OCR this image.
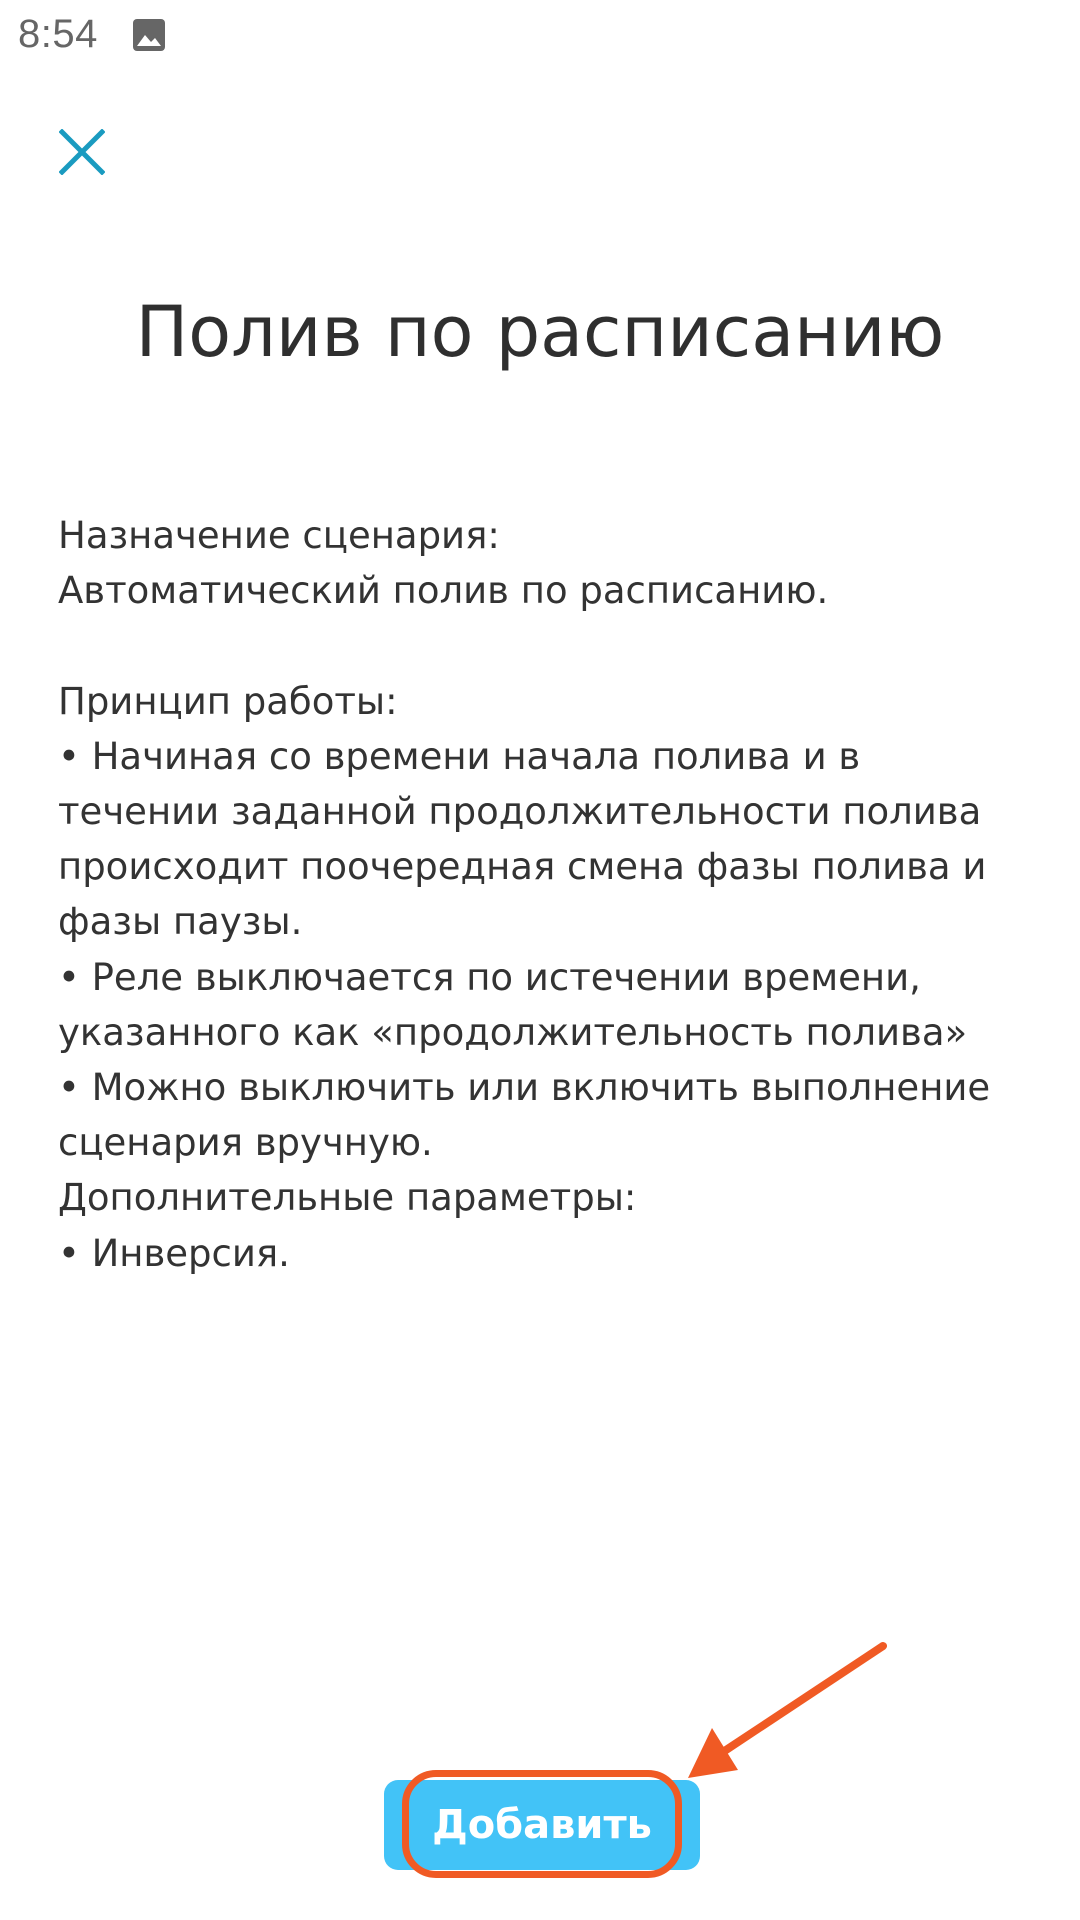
8:54
Полив по расписанию
Назначение сценария:
Автоматический полив по расписанию.
Принцип работы:
• Начиная со времени начала полива и в
течении заданной продолжительности полива
происходит поочередная смена фазы полива и
фазы паузы.
• Реле выключается по истечении времени,
указанного как «продолжительность полива»
• Можно выключить или включить выполнение
сценария вручную.
Дополнительные параметры:
• Инверсия.
Добавить
